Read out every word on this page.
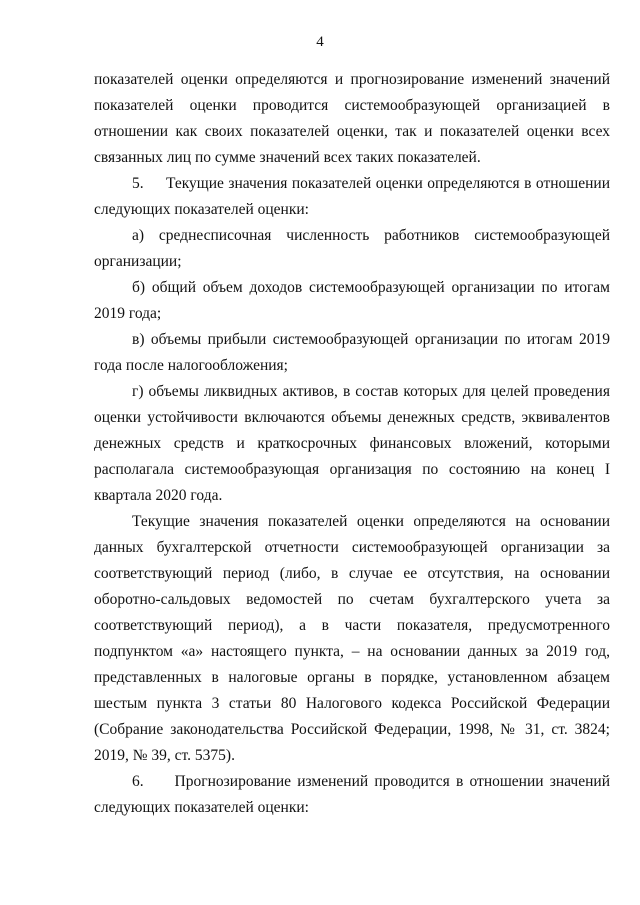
4

показателей оценки определяются и прогнозирование изменений значений показателей оценки проводится системообразующей организацией в отношении как своих показателей оценки, так и показателей оценки всех связанных лиц по сумме значений всех таких показателей.

5.     Текущие значения показателей оценки определяются в отношении следующих показателей оценки:

а) среднесписочная численность работников системообразующей организации;

б) общий объем доходов системообразующей организации по итогам 2019 года;

в) объемы прибыли системообразующей организации по итогам 2019 года после налогообложения;

г) объемы ликвидных активов, в состав которых для целей проведения оценки устойчивости включаются объемы денежных средств, эквивалентов денежных средств и краткосрочных финансовых вложений, которыми располагала системообразующая организация по состоянию на конец I квартала 2020 года.

Текущие значения показателей оценки определяются на основании данных бухгалтерской отчетности системообразующей организации за соответствующий период (либо, в случае ее отсутствия, на основании оборотно-сальдовых ведомостей по счетам бухгалтерского учета за соответствующий период), а в части показателя, предусмотренного подпунктом «а» настоящего пункта, – на основании данных за 2019 год, представленных в налоговые органы в порядке, установленном абзацем шестым пункта 3 статьи 80 Налогового кодекса Российской Федерации (Собрание законодательства Российской Федерации, 1998, № 31, ст. 3824; 2019, № 39, ст. 5375).

6.     Прогнозирование изменений проводится в отношении значений следующих показателей оценки:
